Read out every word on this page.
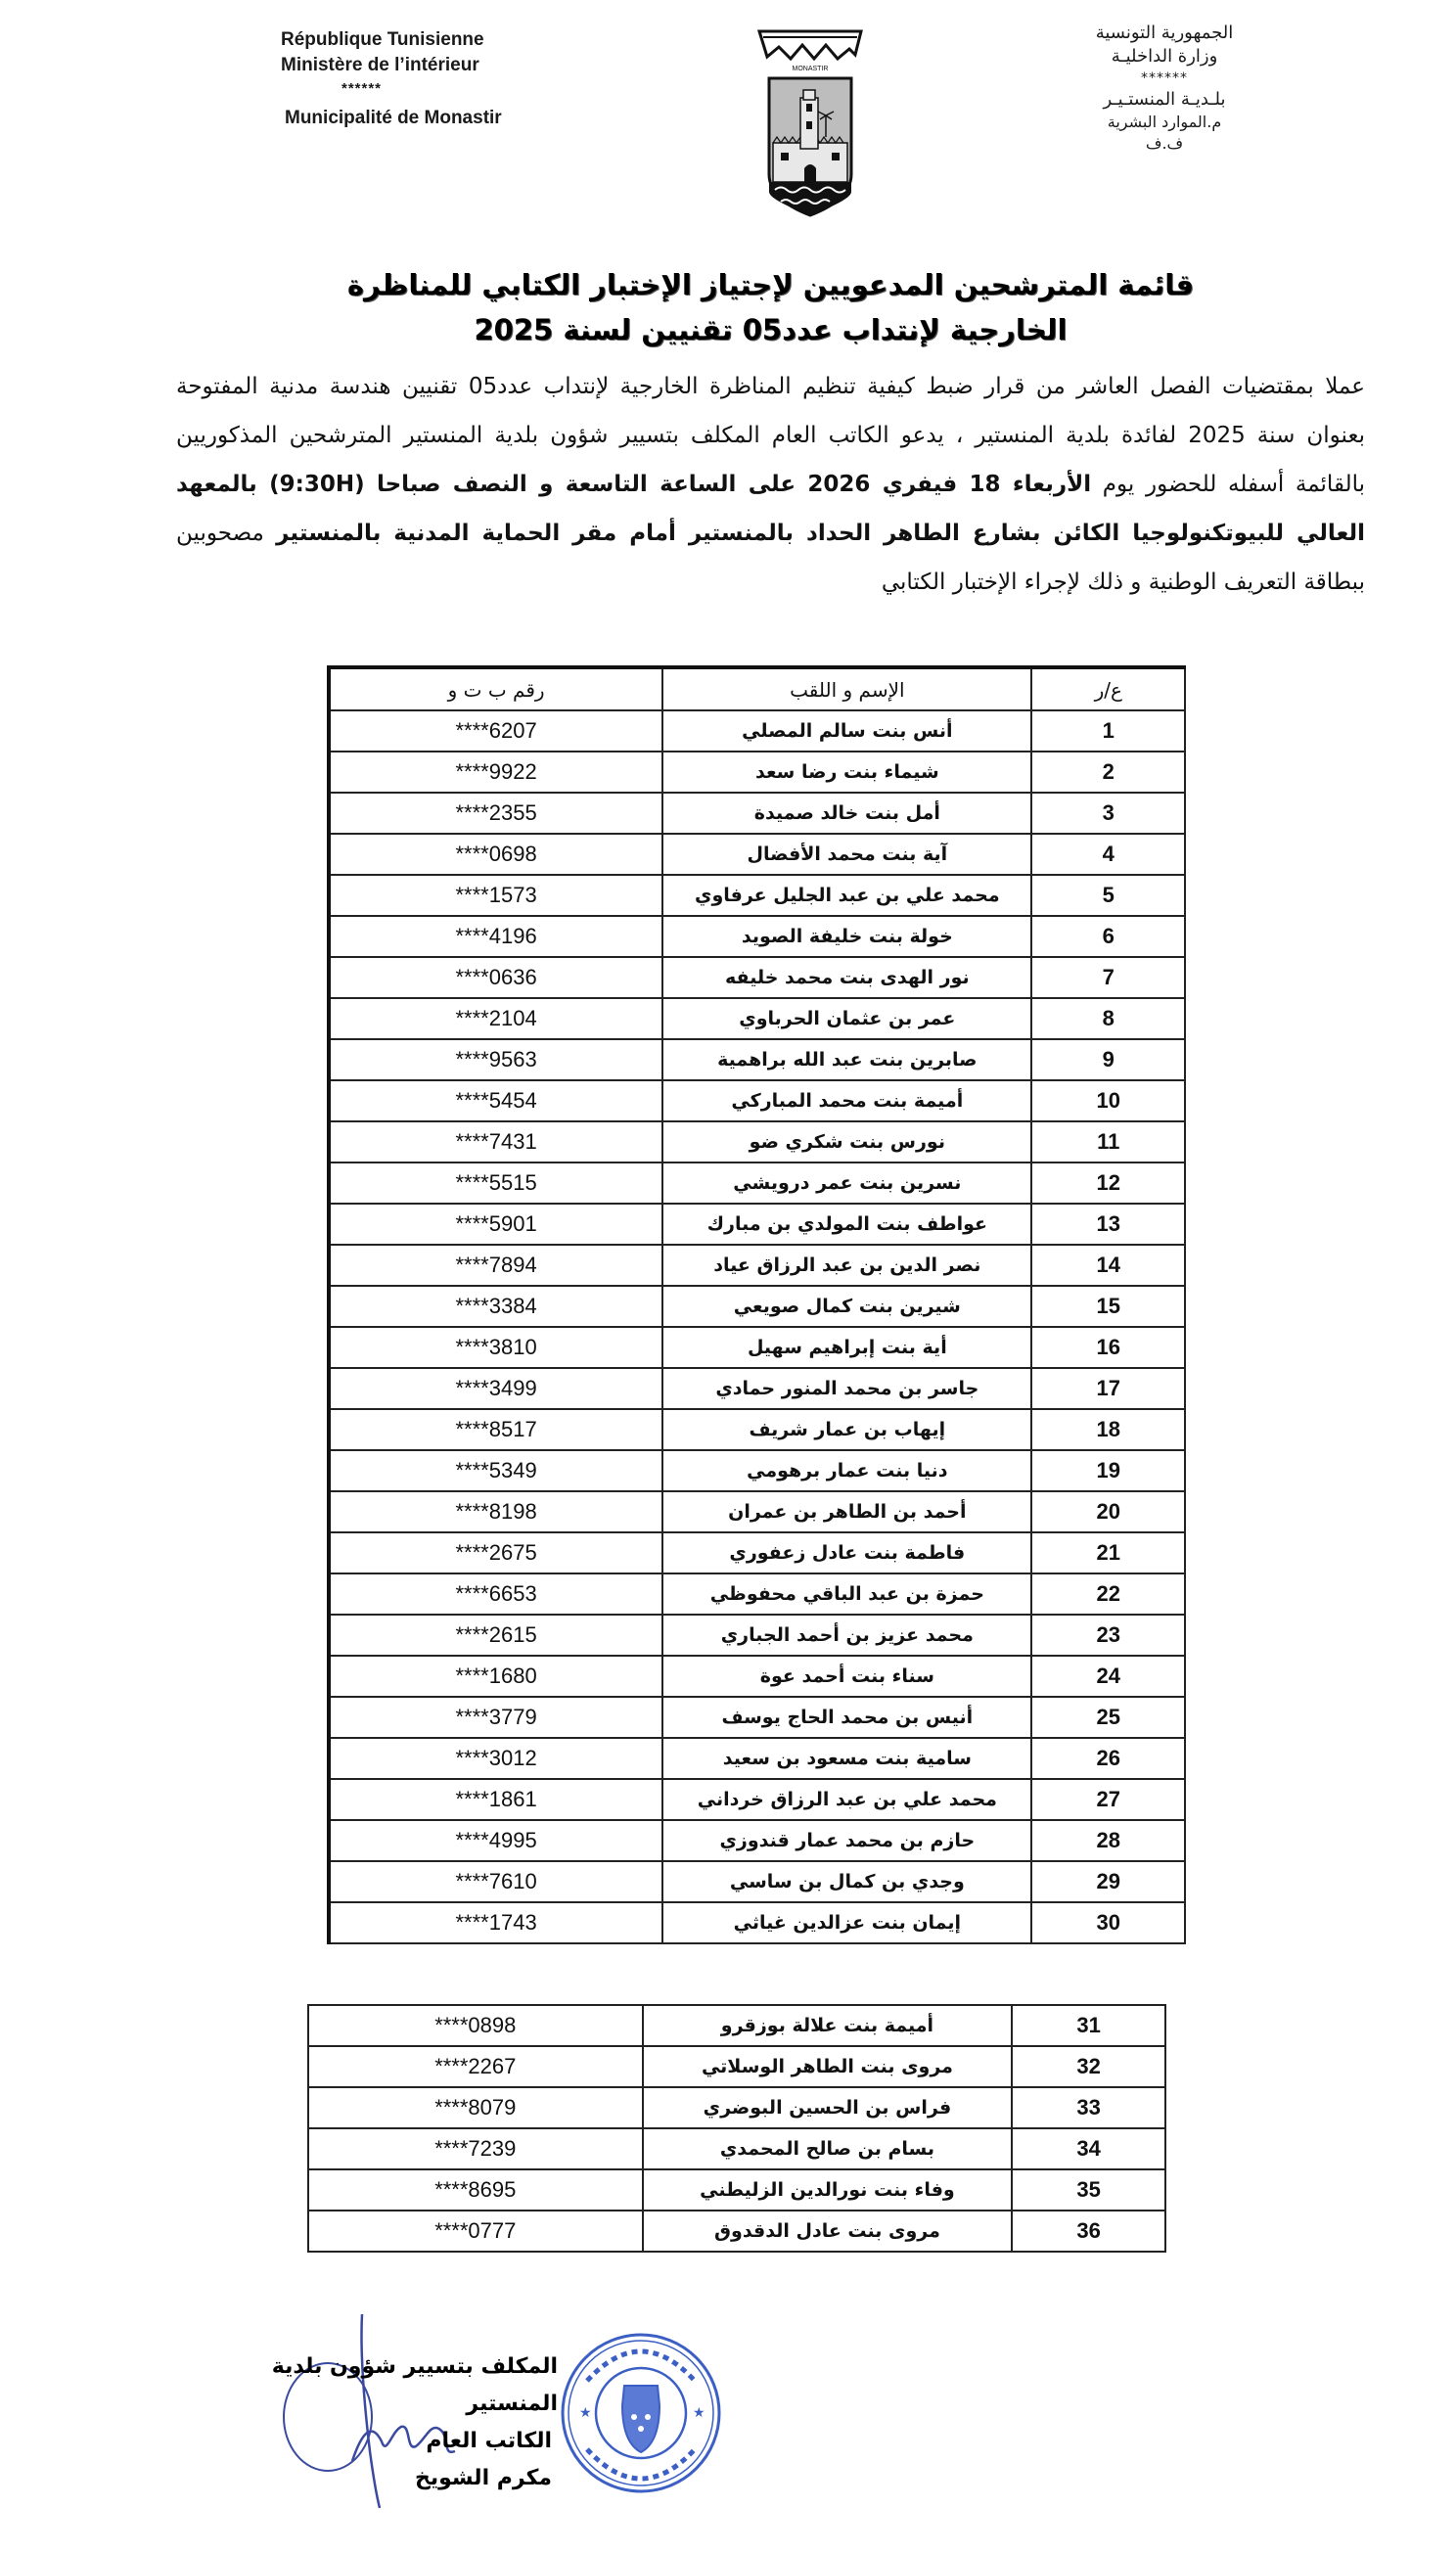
République Tunisienne
Ministère de l’intérieur
******
Municipalité de Monastir
MONASTIR
الجمهورية التونسية
وزارة الداخليـة
******
بلـديـة المنستـيـر
م.الموارد البشرية
ف.ف
قائمة المترشحين المدعويين لإجتياز الإختبار الكتابي للمناظرة
الخارجية لإنتداب عدد05 تقنيين لسنة 2025
عملا بمقتضيات الفصل العاشر من قرار ضبط كيفية تنظيم المناظرة الخارجية لإنتداب عدد05 تقنيين هندسة مدنية المفتوحة بعنوان سنة 2025 لفائدة بلدية المنستير ، يدعو الكاتب العام المكلف بتسيير شؤون بلدية المنستير المترشحين المذكوريين بالقائمة أسفله للحضور يوم الأربعاء 18 فيفري 2026 على الساعة التاسعة و النصف صباحا (9:30H) بالمعهد العالي للبيوتكنولوجيا الكائن بشارع الطاهر الحداد بالمنستير أمام مقر الحماية المدنية بالمنستير مصحوبين ببطاقة التعريف الوطنية و ذلك لإجراء الإختبار الكتابي
ع/ر	الإسم و اللقب	رقم ب ت و
1	أنس بنت سالم المصلي	****6207
2	شيماء بنت رضا سعد	****9922
3	أمل بنت خالد صميدة	****2355
4	آية بنت محمد الأفضال	****0698
5	محمد علي بن عبد الجليل عرفاوي	****1573
6	خولة بنت خليفة الصويد	****4196
7	نور الهدى بنت محمد خليفه	****0636
8	عمر بن عثمان الحرباوي	****2104
9	صابرين بنت عبد الله براهمية	****9563
10	أميمة بنت محمد المباركي	****5454
11	نورس بنت شكري ضو	****7431
12	نسرين بنت عمر درويشي	****5515
13	عواطف بنت المولدي بن مبارك	****5901
14	نصر الدين بن عبد الرزاق عياد	****7894
15	شيرين بنت كمال صويعي	****3384
16	أية بنت إبراهيم سهيل	****3810
17	جاسر بن محمد المنور حمادي	****3499
18	إيهاب بن عمار شريف	****8517
19	دنيا بنت عمار برهومي	****5349
20	أحمد بن الطاهر بن عمران	****8198
21	فاطمة بنت عادل زعفوري	****2675
22	حمزة بن عبد الباقي محفوظي	****6653
23	محمد عزيز بن أحمد الجباري	****2615
24	سناء بنت أحمد عوة	****1680
25	أنيس بن محمد الحاج يوسف	****3779
26	سامية بنت مسعود بن سعيد	****3012
27	محمد علي بن عبد الرزاق خرداني	****1861
28	حازم بن محمد عمار قندوزي	****4995
29	وجدي بن كمال بن ساسي	****7610
30	إيمان بنت عزالدين غياثي	****1743
31	أميمة بنت علالة بوزقرو	****0898
32	مروى بنت الطاهر الوسلاتي	****2267
33	فراس بن الحسين البوضري	****8079
34	بسام بن صالح المحمدي	****7239
35	وفاء بنت نورالدين الزليطني	****8695
36	مروى بنت عادل الدقدوق	****0777
المكلف بتسيير شؤون بلدية المنستير
الكاتب العام
مكرم الشويخ
★	★
